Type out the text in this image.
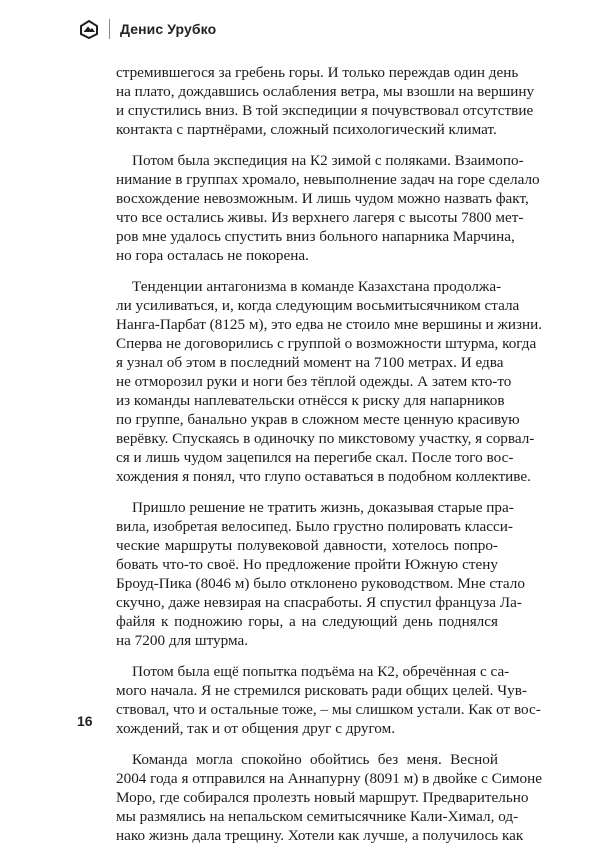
Денис Урубко
стремившегося за гребень горы. И только переждав один день
на плато, дождавшись ослабления ветра, мы взошли на вершину
и спустились вниз. В той экспедиции я почувствовал отсутствие
контакта с партнёрами, сложный психологический климат.
Потом была экспедиция на К2 зимой с поляками. Взаимопо-
нимание в группах хромало, невыполнение задач на горе сделало
восхождение невозможным. И лишь чудом можно назвать факт,
что все остались живы. Из верхнего лагеря с высоты 7800 мет-
ров мне удалось спустить вниз больного напарника Марчина,
но гора осталась не покорена.
Тенденции антагонизма в команде Казахстана продолжа-
ли усиливаться, и, когда следующим восьмитысячником стала
Нанга-Парбат (8125 м), это едва не стоило мне вершины и жизни.
Сперва не договорились с группой о возможности штурма, когда
я узнал об этом в последний момент на 7100 метрах. И едва
не отморозил руки и ноги без тёплой одежды. А затем кто-то
из команды наплевательски отнёсся к риску для напарников
по группе, банально украв в сложном месте ценную красивую
верёвку. Спускаясь в одиночку по микстовому участку, я сорвал-
ся и лишь чудом зацепился на перегибе скал. После того вос-
хождения я понял, что глупо оставаться в подобном коллективе.
Пришло решение не тратить жизнь, доказывая старые пра-
вила, изобретая велосипед. Было грустно полировать класси-
ческие маршруты полувековой давности, хотелось попро-
бовать что-то своё. Но предложение пройти Южную стену
Броуд-Пика (8046 м) было отклонено руководством. Мне стало
скучно, даже невзирая на спасработы. Я спустил француза Ла-
файля к подножию горы, а на следующий день поднялся
на 7200 для штурма.
Потом была ещё попытка подъёма на К2, обречённая с са-
мого начала. Я не стремился рисковать ради общих целей. Чув-
ствовал, что и остальные тоже, – мы слишком устали. Как от вос-
хождений, так и от общения друг с другом.
Команда могла спокойно обойтись без меня. Весной
2004 года я отправился на Аннапурну (8091 м) в двойке с Симоне
Моро, где собирался пролезть новый маршрут. Предварительно
мы размялись на непальском семитысячнике Кали-Химал, од-
нако жизнь дала трещину. Хотели как лучше, а получилось как
16
